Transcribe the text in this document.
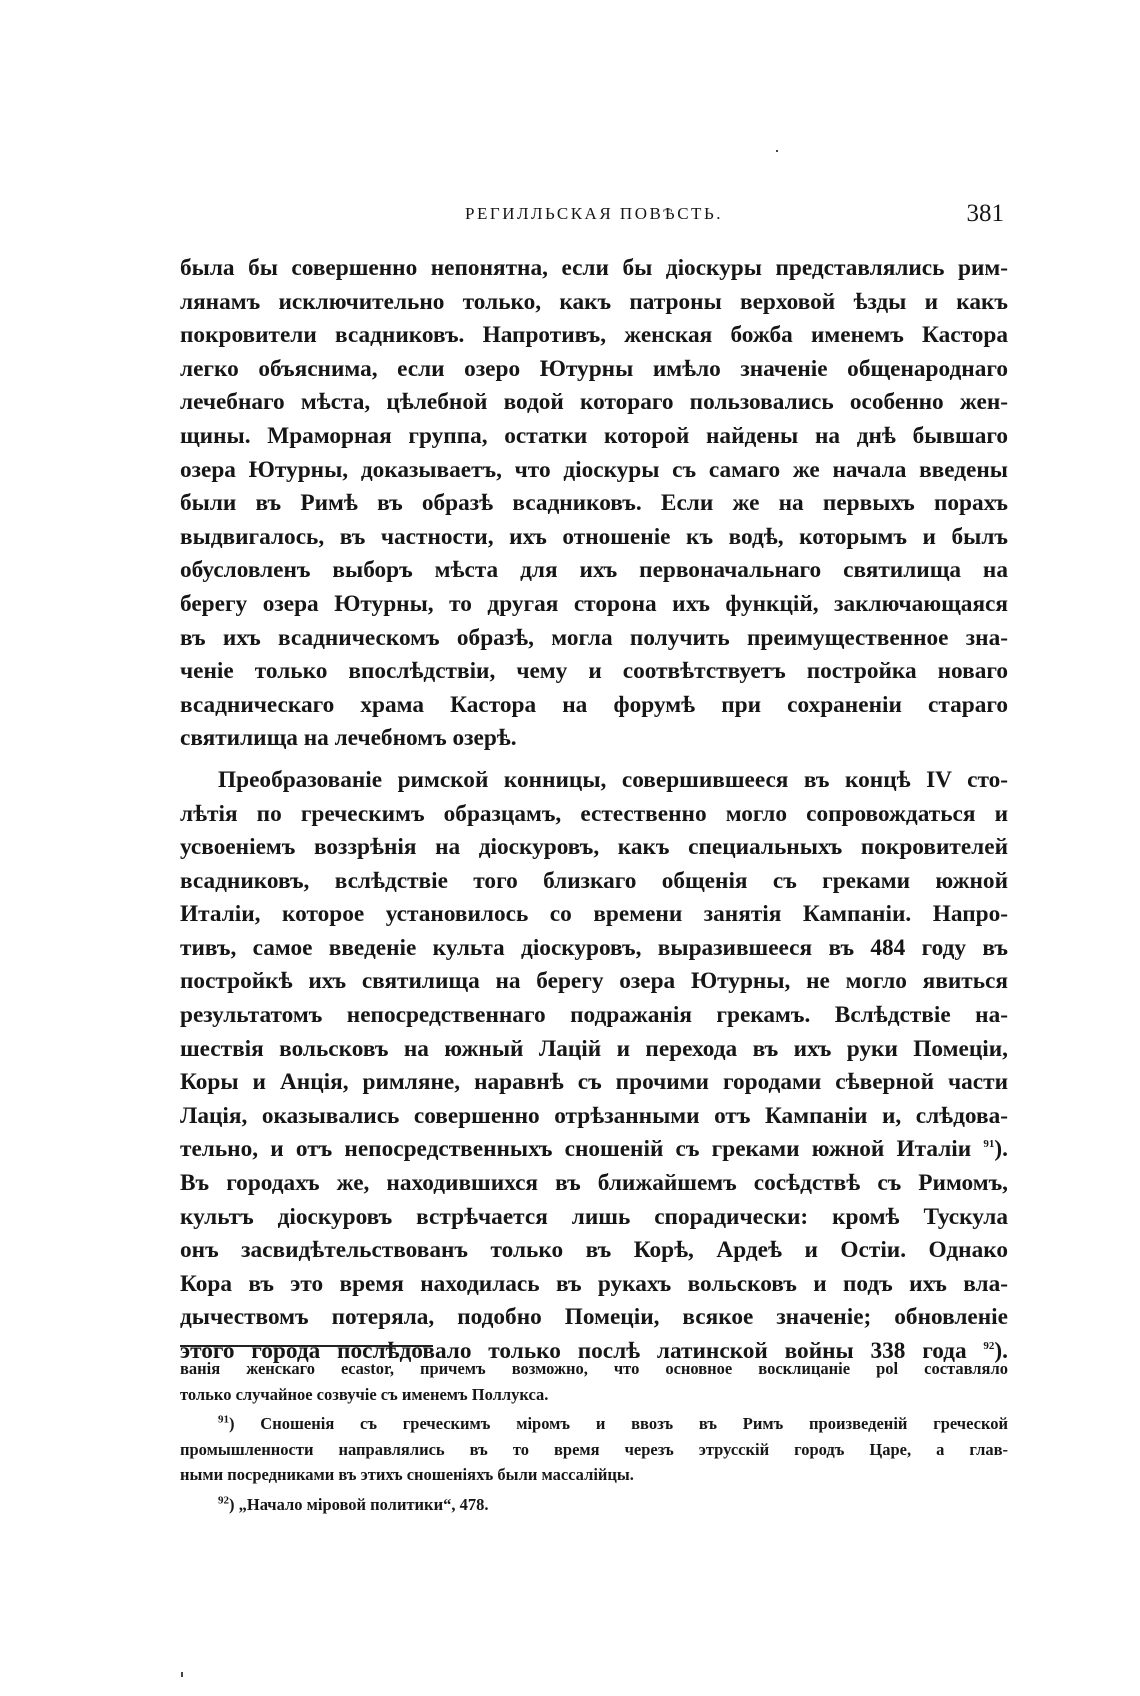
РЕГИЛЛЬСКАЯ ПОВѢСТЬ.	381
была бы совершенно непонятна, если бы діоскуры представлялись рим-
лянамъ исключительно только, какъ патроны верховой ѣзды и какъ
покровители всадниковъ. Напротивъ, женская божба именемъ Кастора
легко объяснима, если озеро Ютурны имѣло значеніе общенароднаго
лечебнаго мѣста, цѣлебной водой котораго пользовались особенно жен-
щины. Мраморная группа, остатки которой найдены на днѣ бывшаго
озера Ютурны, доказываетъ, что діоскуры съ самаго же начала введены
были въ Римѣ въ образѣ всадниковъ. Если же на первыхъ порахъ
выдвигалось, въ частности, ихъ отношеніе къ водѣ, которымъ и былъ
обусловленъ выборъ мѣста для ихъ первоначальнаго святилища на
берегу озера Ютурны, то другая сторона ихъ функцій, заключающаяся
въ ихъ всадническомъ образѣ, могла получить преимущественное зна-
ченіе только впослѣдствіи, чему и соотвѣтствуетъ постройка новаго
всадническаго храма Кастора на форумѣ при сохраненіи стараго
святилища на лечебномъ озерѣ.
Преобразованіе римской конницы, совершившееся въ концѣ IV сто-
лѣтія по греческимъ образцамъ, естественно могло сопровождаться и
усвоеніемъ воззрѣнія на діоскуровъ, какъ специальныхъ покровителей
всадниковъ, вслѣдствіе того близкаго общенія съ греками южной
Италіи, которое установилось со времени занятія Кампаніи. Напро-
тивъ, самое введеніе культа діоскуровъ, выразившееся въ 484 году въ
постройкѣ ихъ святилища на берегу озера Ютурны, не могло явиться
результатомъ непосредственнаго подражанія грекамъ. Вслѣдствіе на-
шествія вольсковъ на южный Лацій и перехода въ ихъ руки Помеціи,
Коры и Анція, римляне, наравнѣ съ прочими городами сѣверной части
Лацiя, оказывались совершенно отрѣзанными отъ Кампаніи и, слѣдова-
тельно, и отъ непосредственныхъ сношеній съ греками южной Италіи $^{91}$).
Въ городахъ же, находившихся въ ближайшемъ сосѣдствѣ съ Римомъ,
культъ діоскуровъ встрѣчается лишь спорадически: кромѣ Тускула
онъ засвидѣтельствованъ только въ Корѣ, Ардеѣ и Остіи. Однако
Кора въ это время находилась въ рукахъ вольсковъ и подъ ихъ вла-
дычествомъ потеряла, подобно Помеціи, всякое значеніе; обновленіе
этого города послѣдовало только послѣ латинской войны 338 года $^{92}$).
ванія женскаго ecastor, причемъ возможно, что основное восклицаніе pol составляло
только случайное созвучіе съ именемъ Поллукса.
$^{91}$) Сношенія съ греческимъ міромъ и ввозъ въ Римъ произведеній греческой
промышленности направлялись въ то время черезъ этрусскій городъ Царе, а глав-
ными посредниками въ этихъ сношеніяхъ были массалійцы.
$^{92}$) „Начало міровой политики“, 478.
